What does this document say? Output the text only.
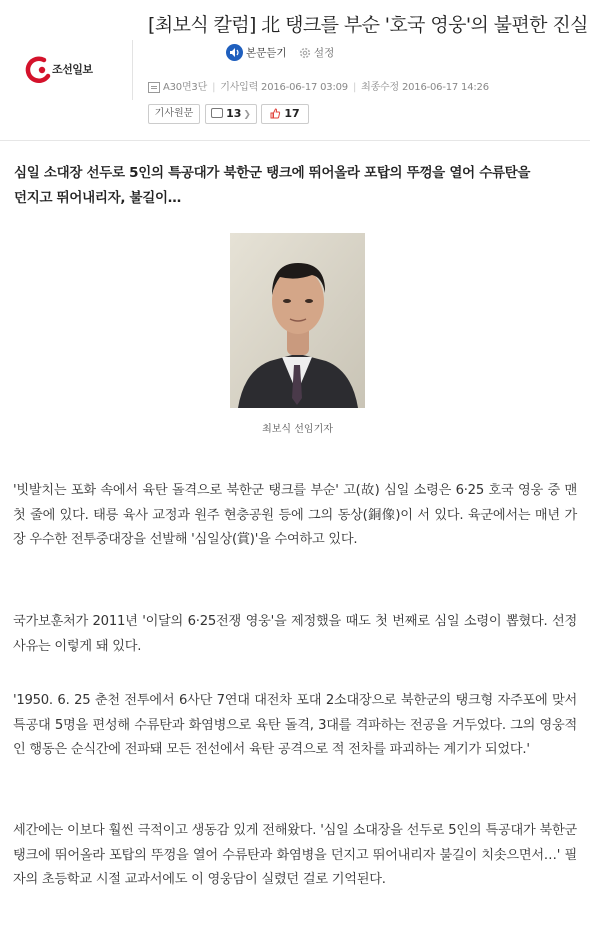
조선일보
[최보식 칼럼] 北 탱크를 부순 '호국 영웅'의 불편한 진실
본문듣기	설정
A30면3단 | 기사입력 2016-06-17 03:09 | 최종수정 2016-06-17 14:26
기사원문	13 ❯	17
심일 소대장 선두로 5인의 특공대가 북한군 탱크에 뛰어올라 포탑의 뚜껑을 열어 수류탄을 던지고 뛰어내리자, 불길이…
최보식 선임기자

'빗발치는 포화 속에서 육탄 돌격으로 북한군 탱크를 부순' 고(故) 심일 소령은 6·25 호국 영웅 중 맨 첫 줄에 있다. 태릉 육사 교정과 원주 현충공원 등에 그의 동상(銅像)이 서 있다. 육군에서는 매년 가장 우수한 전투중대장을 선발해 '심일상(賞)'을 수여하고 있다.

국가보훈처가 2011년 '이달의 6·25전쟁 영웅'을 제정했을 때도 첫 번째로 심일 소령이 뽑혔다. 선정 사유는 이렇게 돼 있다.

'1950. 6. 25 춘천 전투에서 6사단 7연대 대전차 포대 2소대장으로 북한군의 탱크형 자주포에 맞서 특공대 5명을 편성해 수류탄과 화염병으로 육탄 돌격, 3대를 격파하는 전공을 거두었다. 그의 영웅적인 행동은 순식간에 전파돼 모든 전선에서 육탄 공격으로 적 전차를 파괴하는 계기가 되었다.'

세간에는 이보다 훨씬 극적이고 생동감 있게 전해왔다. '심일 소대장을 선두로 5인의 특공대가 북한군 탱크에 뛰어올라 포탑의 뚜껑을 열어 수류탄과 화염병을 던지고 뛰어내리자 불길이 치솟으면서…' 필자의 초등학교 시절 교과서에도 이 영웅담이 실렸던 걸로 기억된다.
